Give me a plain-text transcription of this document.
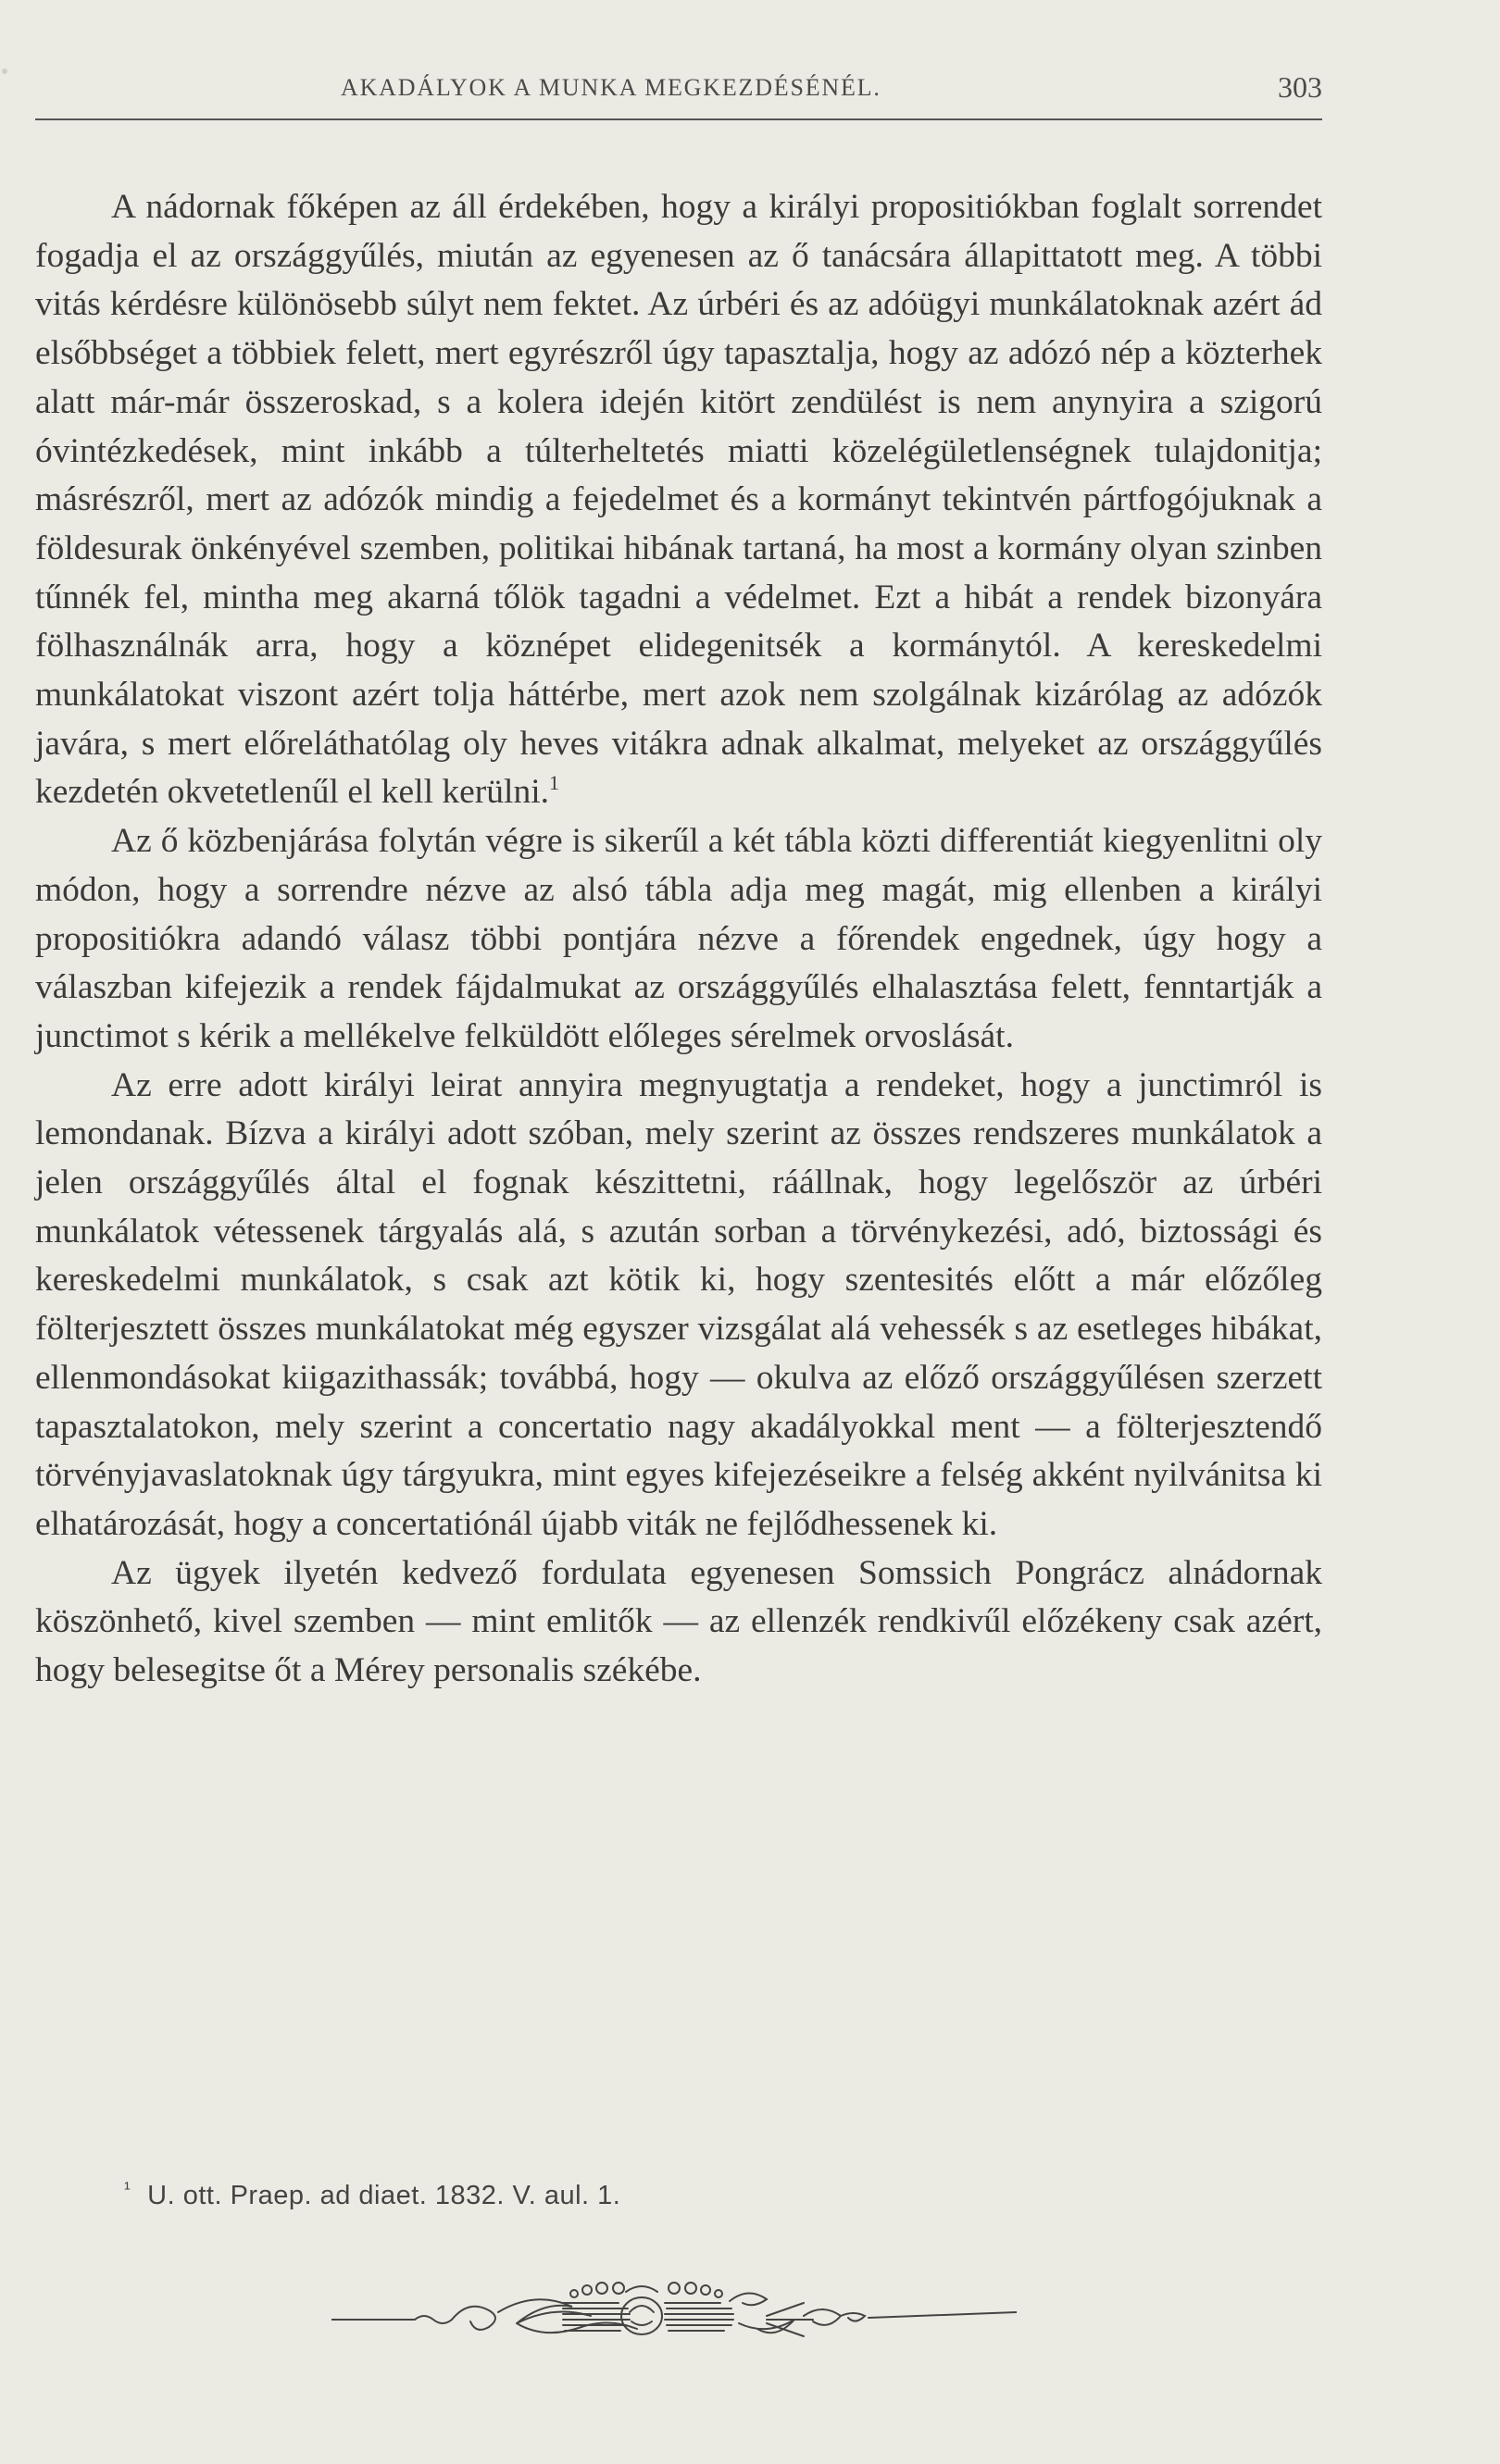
AKADÁLYOK A MUNKA MEGKEZDÉSÉNÉL.	303

A nádornak főképen az áll érdekében, hogy a királyi propositiókban foglalt sorrendet fogadja el az országgyűlés, miután az egyenesen az ő tanácsára állapittatott meg. A többi vitás kérdésre különösebb súlyt nem fektet. Az úrbéri és az adóügyi munkálatoknak azért ád elsőbbséget a többiek felett, mert egyrészről úgy tapasztalja, hogy az adózó nép a közterhek alatt már-már összeroskad, s a kolera idején kitört zendülést is nem anynyira a szigorú óvintézkedések, mint inkább a túlterheltetés miatti közelégületlenségnek tulajdonitja; másrészről, mert az adózók mindig a fejedelmet és a kormányt tekintvén pártfogójuknak a földesurak önkényével szemben, politikai hibának tartaná, ha most a kormány olyan szinben tűnnék fel, mintha meg akarná tőlök tagadni a védelmet. Ezt a hibát a rendek bizonyára fölhasználnák arra, hogy a köznépet elidegenitsék a kormánytól. A kereskedelmi munkálatokat viszont azért tolja háttérbe, mert azok nem szolgálnak kizárólag az adózók javára, s mert előreláthatólag oly heves vitákra adnak alkalmat, melyeket az országgyűlés kezdetén okvetetlenűl el kell kerülni.$^1$

Az ő közbenjárása folytán végre is sikerűl a két tábla közti differentiát kiegyenlitni oly módon, hogy a sorrendre nézve az alsó tábla adja meg magát, mig ellenben a királyi propositiókra adandó válasz többi pontjára nézve a főrendek engednek, úgy hogy a válaszban kifejezik a rendek fájdalmukat az országgyűlés elhalasztása felett, fenntartják a junctimot s kérik a mellékelve felküldött előleges sérelmek orvoslását.

Az erre adott királyi leirat annyira megnyugtatja a rendeket, hogy a junctimról is lemondanak. Bízva a királyi adott szóban, mely szerint az összes rendszeres munkálatok a jelen országgyűlés által el fognak készittetni, ráállnak, hogy legelőször az úrbéri munkálatok vétessenek tárgyalás alá, s azután sorban a törvénykezési, adó, biztossági és kereskedelmi munkálatok, s csak azt kötik ki, hogy szentesités előtt a már előzőleg fölterjesztett összes munkálatokat még egyszer vizsgálat alá vehessék s az esetleges hibákat, ellenmondásokat kiigazithassák; továbbá, hogy — okulva az előző országgyűlésen szerzett tapasztalatokon, mely szerint a concertatio nagy akadályokkal ment — a fölterjesztendő törvényjavaslatoknak úgy tárgyukra, mint egyes kifejezéseikre a felség akként nyilvánitsa ki elhatározását, hogy a concertatiónál újabb viták ne fejlődhessenek ki.

Az ügyek ilyetén kedvező fordulata egyenesen Somssich Pongrácz alnádornak köszönhető, kivel szemben — mint emlitők — az ellenzék rendkivűl előzékeny csak azért, hogy belesegitse őt a Mérey personalis székébe.

$^{^1}$ U. ott. Praep. ad diaet. 1832. V. aul. 1.
